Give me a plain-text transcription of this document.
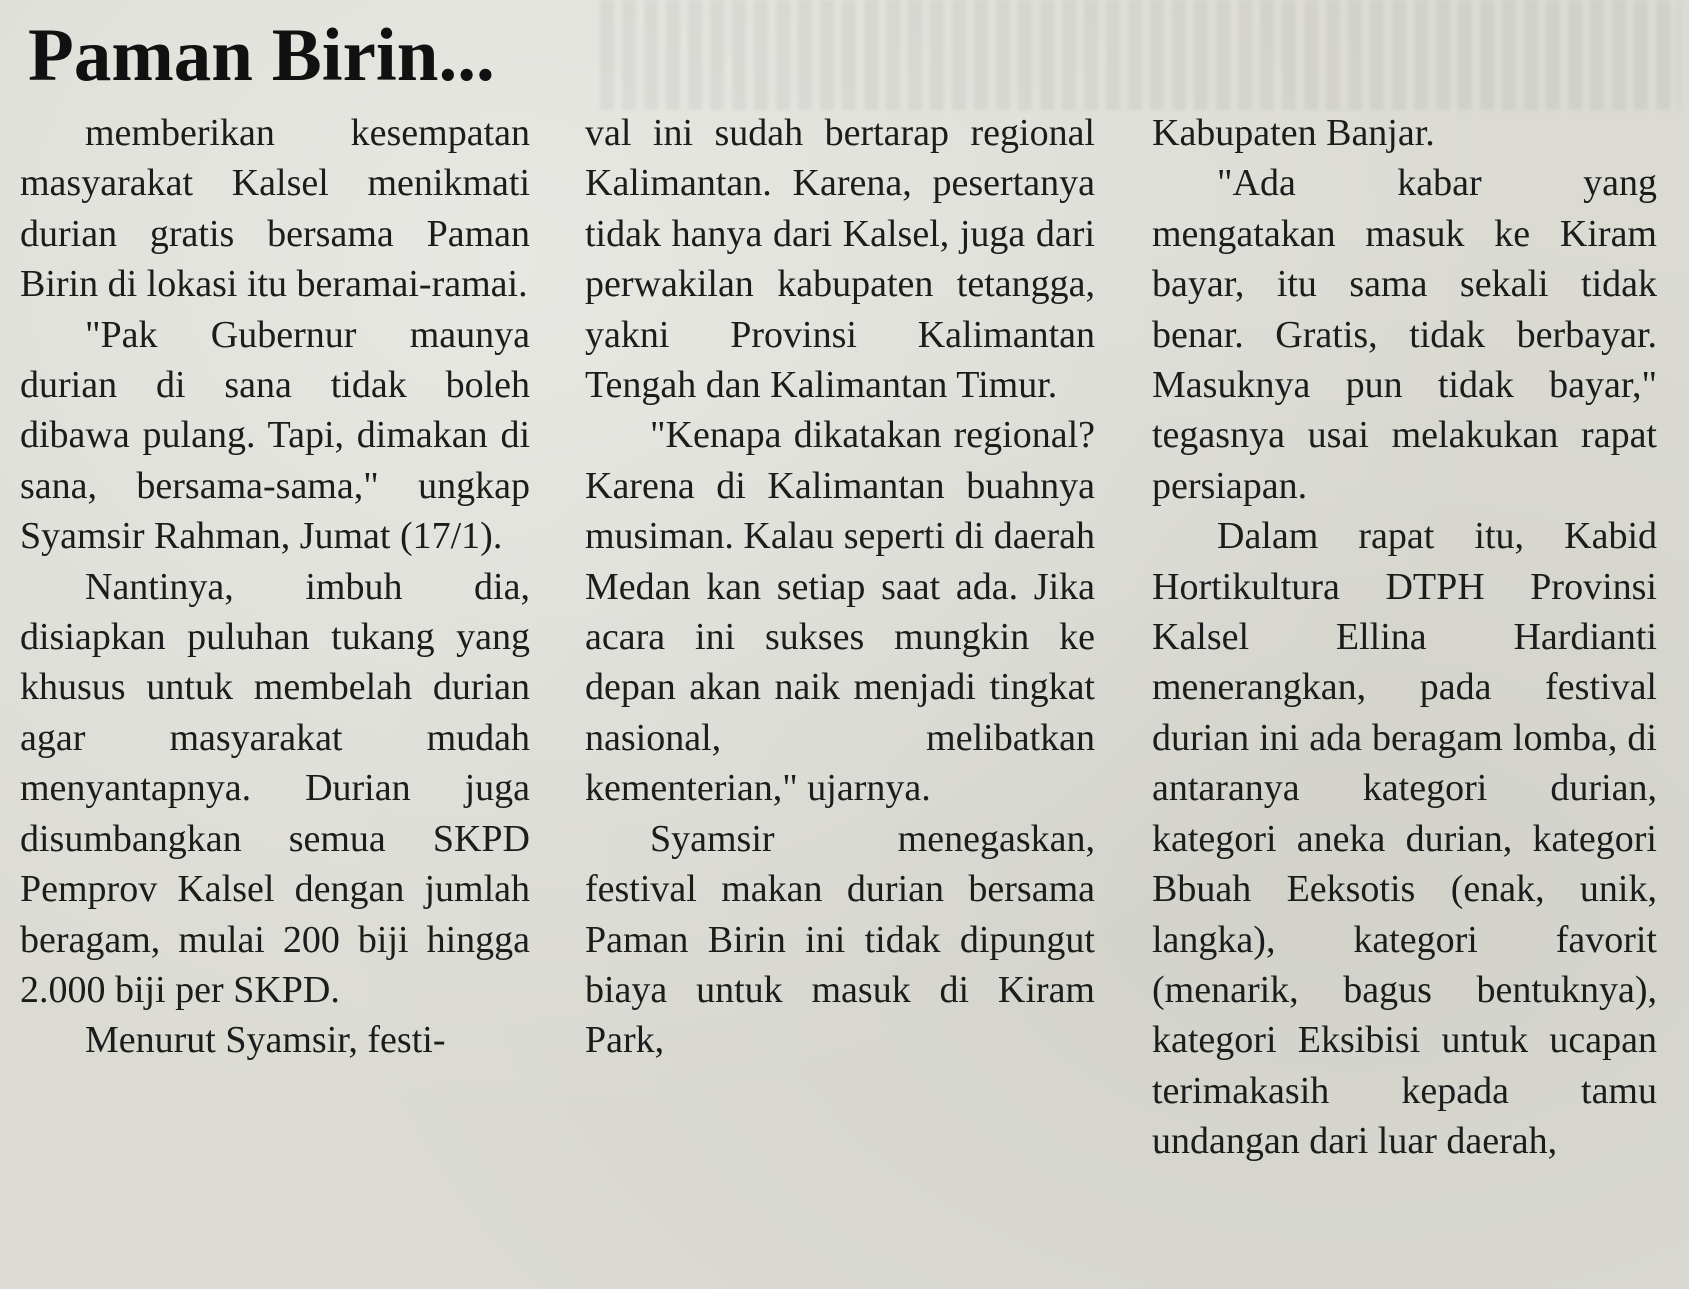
Paman Birin...

memberikan kesempatan masyarakat Kalsel menikmati durian gratis bersama Paman Birin di lokasi itu beramai-ramai.

"Pak Gubernur maunya durian di sana tidak boleh dibawa pulang. Tapi, dimakan di sana, bersama-sama," ungkap Syamsir Rahman, Jumat (17/1).

Nantinya, imbuh dia, disiapkan puluhan tukang yang khusus untuk membelah durian agar masyarakat mudah menyantapnya. Durian juga disumbangkan semua SKPD Pemprov Kalsel dengan jumlah beragam, mulai 200 biji hingga 2.000 biji per SKPD.

Menurut Syamsir, festi-

val ini sudah bertarap regional Kalimantan. Karena, pesertanya tidak hanya dari Kalsel, juga dari perwakilan kabupaten tetangga, yakni Provinsi Kalimantan Tengah dan Kalimantan Timur.

"Kenapa dikatakan regional? Karena di Kalimantan buahnya musiman. Kalau seperti di daerah Medan kan setiap saat ada. Jika acara ini sukses mungkin ke depan akan naik menjadi tingkat nasional, melibatkan kementerian," ujarnya.

Syamsir menegaskan, festival makan durian bersama Paman Birin ini tidak dipungut biaya untuk masuk di Kiram Park,

Kabupaten Banjar.

"Ada kabar yang mengatakan masuk ke Kiram bayar, itu sama sekali tidak benar. Gratis, tidak berbayar. Masuknya pun tidak bayar," tegasnya usai melakukan rapat persiapan.

Dalam rapat itu, Kabid Hortikultura DTPH Provinsi Kalsel Ellina Hardianti menerangkan, pada festival durian ini ada beragam lomba, di antaranya kategori durian, kategori aneka durian, kategori Bbuah Eeksotis (enak, unik, langka), kategori favorit (menarik, bagus bentuknya), kategori Eksibisi untuk ucapan terimakasih kepada tamu undangan dari luar daerah,
